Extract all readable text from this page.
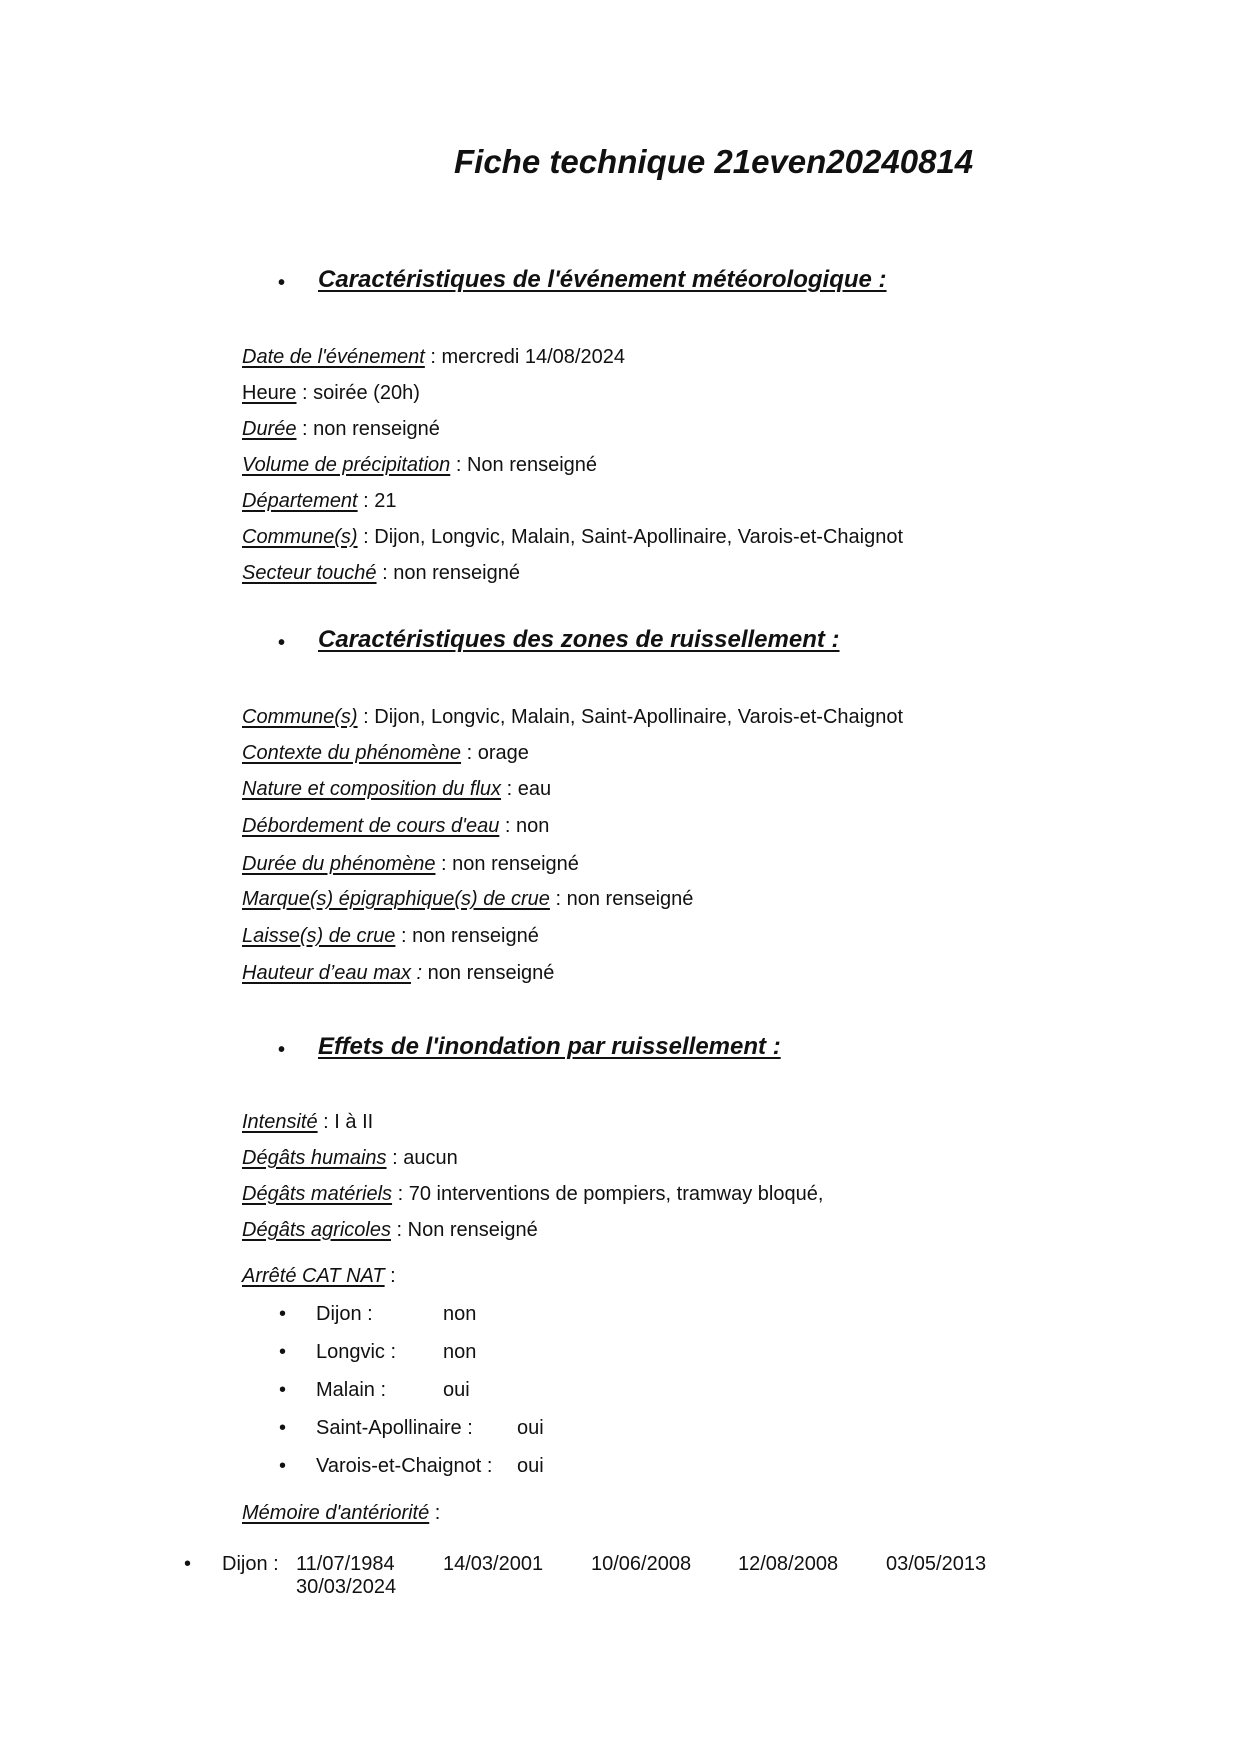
Fiche technique 21even20240814
• Caractéristiques de l'événement météorologique :
Date de l'événement : mercredi 14/08/2024
Heure : soirée (20h)
Durée : non renseigné
Volume de précipitation : Non renseigné
Département : 21
Commune(s) : Dijon, Longvic, Malain, Saint-Apollinaire, Varois-et-Chaignot
Secteur touché : non renseigné
• Caractéristiques des zones de ruissellement :
Commune(s) : Dijon, Longvic, Malain, Saint-Apollinaire, Varois-et-Chaignot
Contexte du phénomène : orage
Nature et composition du flux : eau
Débordement de cours d'eau : non
Durée du phénomène : non renseigné
Marque(s) épigraphique(s) de crue : non renseigné
Laisse(s) de crue : non renseigné
Hauteur d’eau max : non renseigné
• Effets de l'inondation par ruissellement :
Intensité : I à II
Dégâts humains : aucun
Dégâts matériels : 70 interventions de pompiers, tramway bloqué,
Dégâts agricoles : Non renseigné
Arrêté CAT NAT :
• Dijon :	non
• Longvic : non
• Malain :	oui
• Saint-Apollinaire : oui
• Varois-et-Chaignot : oui
Mémoire d'antériorité :
• Dijon : 11/07/1984 14/03/2001 10/06/2008 12/08/2008 03/05/2013
30/03/2024
